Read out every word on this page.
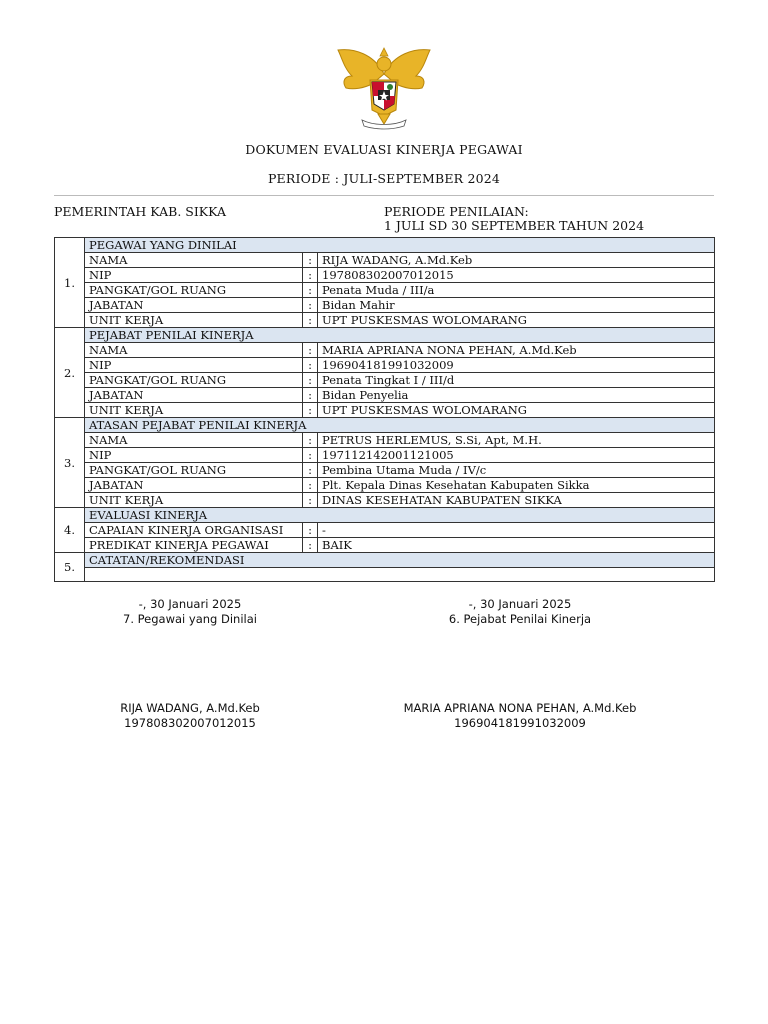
DOKUMEN EVALUASI KINERJA PEGAWAI
PERIODE : JULI-SEPTEMBER 2024
PEMERINTAH KAB. SIKKA	PERIODE PENILAIAN:
1 JULI SD 30 SEPTEMBER TAHUN 2024
1.	PEGAWAI YANG DINILAI		
	NAMA	:	RIJA WADANG, A.Md.Keb
	NIP	:	197808302007012015
	PANGKAT/GOL RUANG	:	Penata Muda / III/a
	JABATAN	:	Bidan Mahir
	UNIT KERJA	:	UPT PUSKESMAS WOLOMARANG
2.	PEJABAT PENILAI KINERJA		
	NAMA	:	MARIA APRIANA NONA PEHAN, A.Md.Keb
	NIP	:	196904181991032009
	PANGKAT/GOL RUANG	:	Penata Tingkat I / III/d
	JABATAN	:	Bidan Penyelia
	UNIT KERJA	:	UPT PUSKESMAS WOLOMARANG
3.	ATASAN PEJABAT PENILAI KINERJA		
	NAMA	:	PETRUS HERLEMUS, S.Si, Apt, M.H.
	NIP	:	197112142001121005
	PANGKAT/GOL RUANG	:	Pembina Utama Muda / IV/c
	JABATAN	:	Plt. Kepala Dinas Kesehatan Kabupaten Sikka
	UNIT KERJA	:	DINAS KESEHATAN KABUPATEN SIKKA
4.	EVALUASI KINERJA		
	CAPAIAN KINERJA ORGANISASI	:	-
	PREDIKAT KINERJA PEGAWAI	:	BAIK
5.	CATATAN/REKOMENDASI		

-, 30 Januari 2025
7. Pegawai yang Dinilai
-, 30 Januari 2025
6. Pejabat Penilai Kinerja
RIJA WADANG, A.Md.Keb
197808302007012015
MARIA APRIANA NONA PEHAN, A.Md.Keb
196904181991032009
